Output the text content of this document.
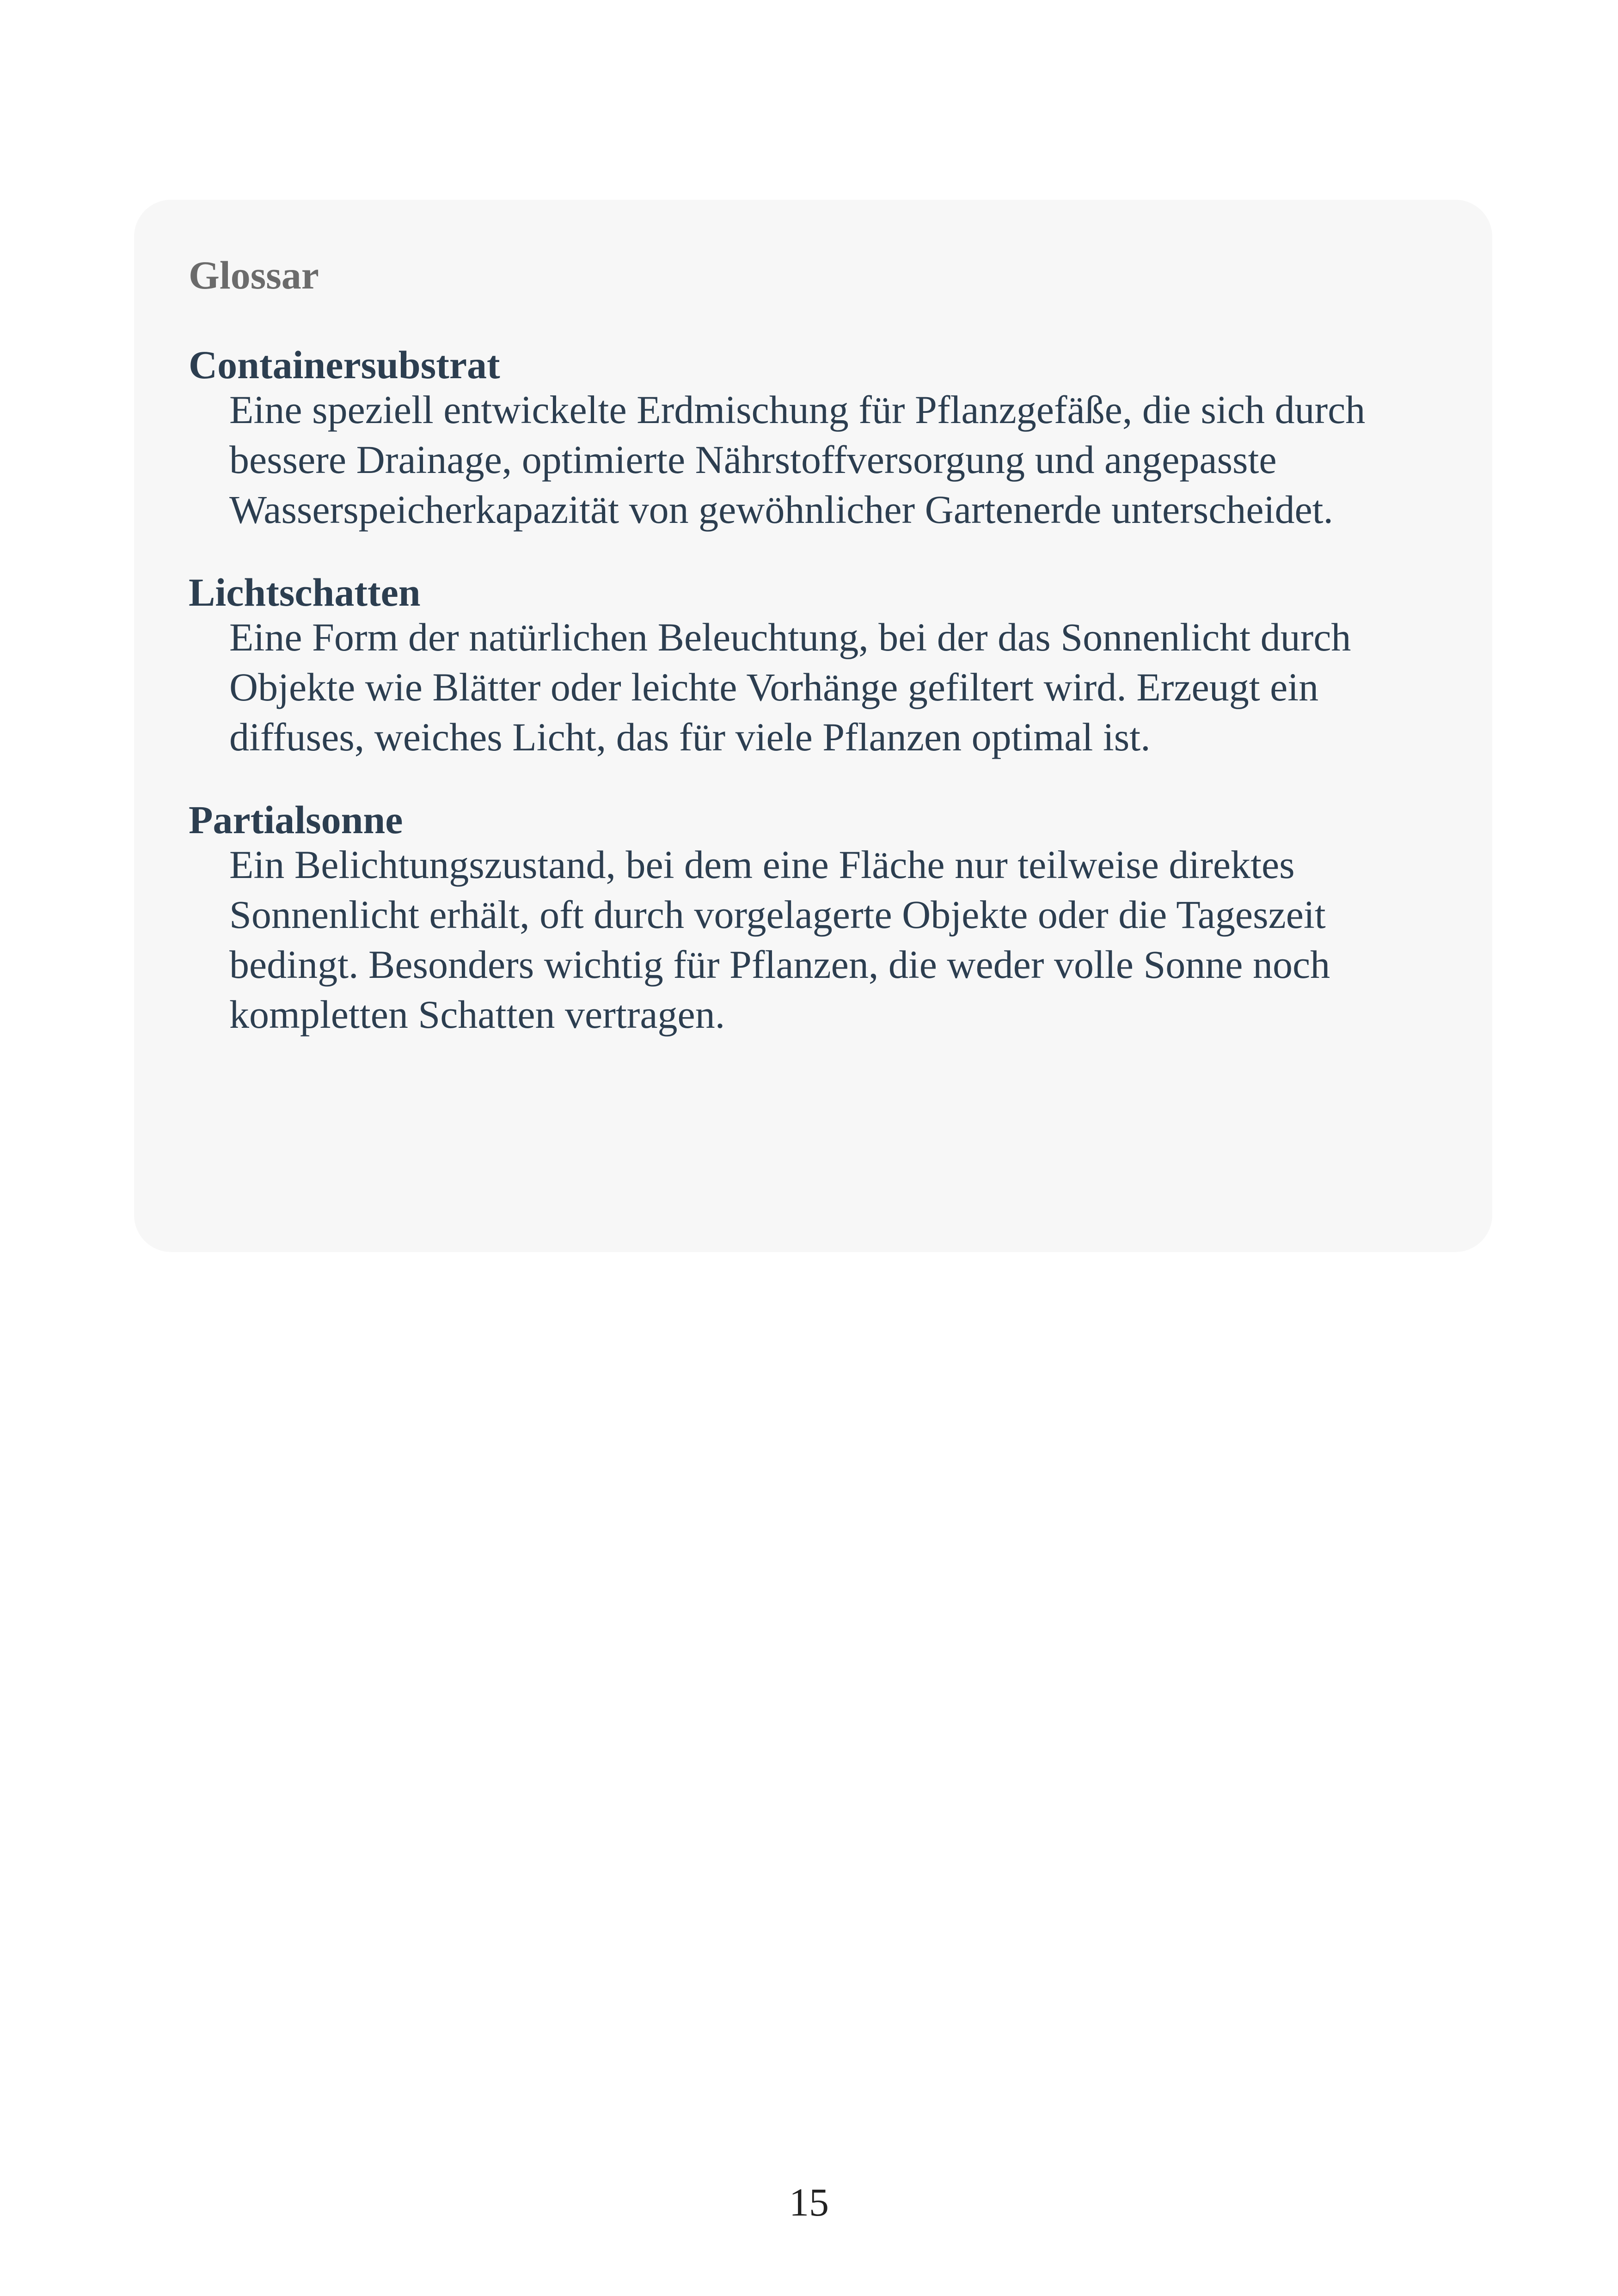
Glossar
Containersubstrat
Eine speziell entwickelte Erdmischung für Pflanzgefäße, die sich durch bessere Drainage, optimierte Nährstoffversorgung und angepasste Wasserspeicherkapazität von gewöhnlicher Gartenerde unterscheidet.
Lichtschatten
Eine Form der natürlichen Beleuchtung, bei der das Sonnenlicht durch Objekte wie Blätter oder leichte Vorhänge gefiltert wird. Erzeugt ein diffuses, weiches Licht, das für viele Pflanzen optimal ist.
Partialsonne
Ein Belichtungszustand, bei dem eine Fläche nur teilweise direktes Sonnenlicht erhält, oft durch vorgelagerte Objekte oder die Tageszeit bedingt. Besonders wichtig für Pflanzen, die weder volle Sonne noch kompletten Schatten vertragen.
15
